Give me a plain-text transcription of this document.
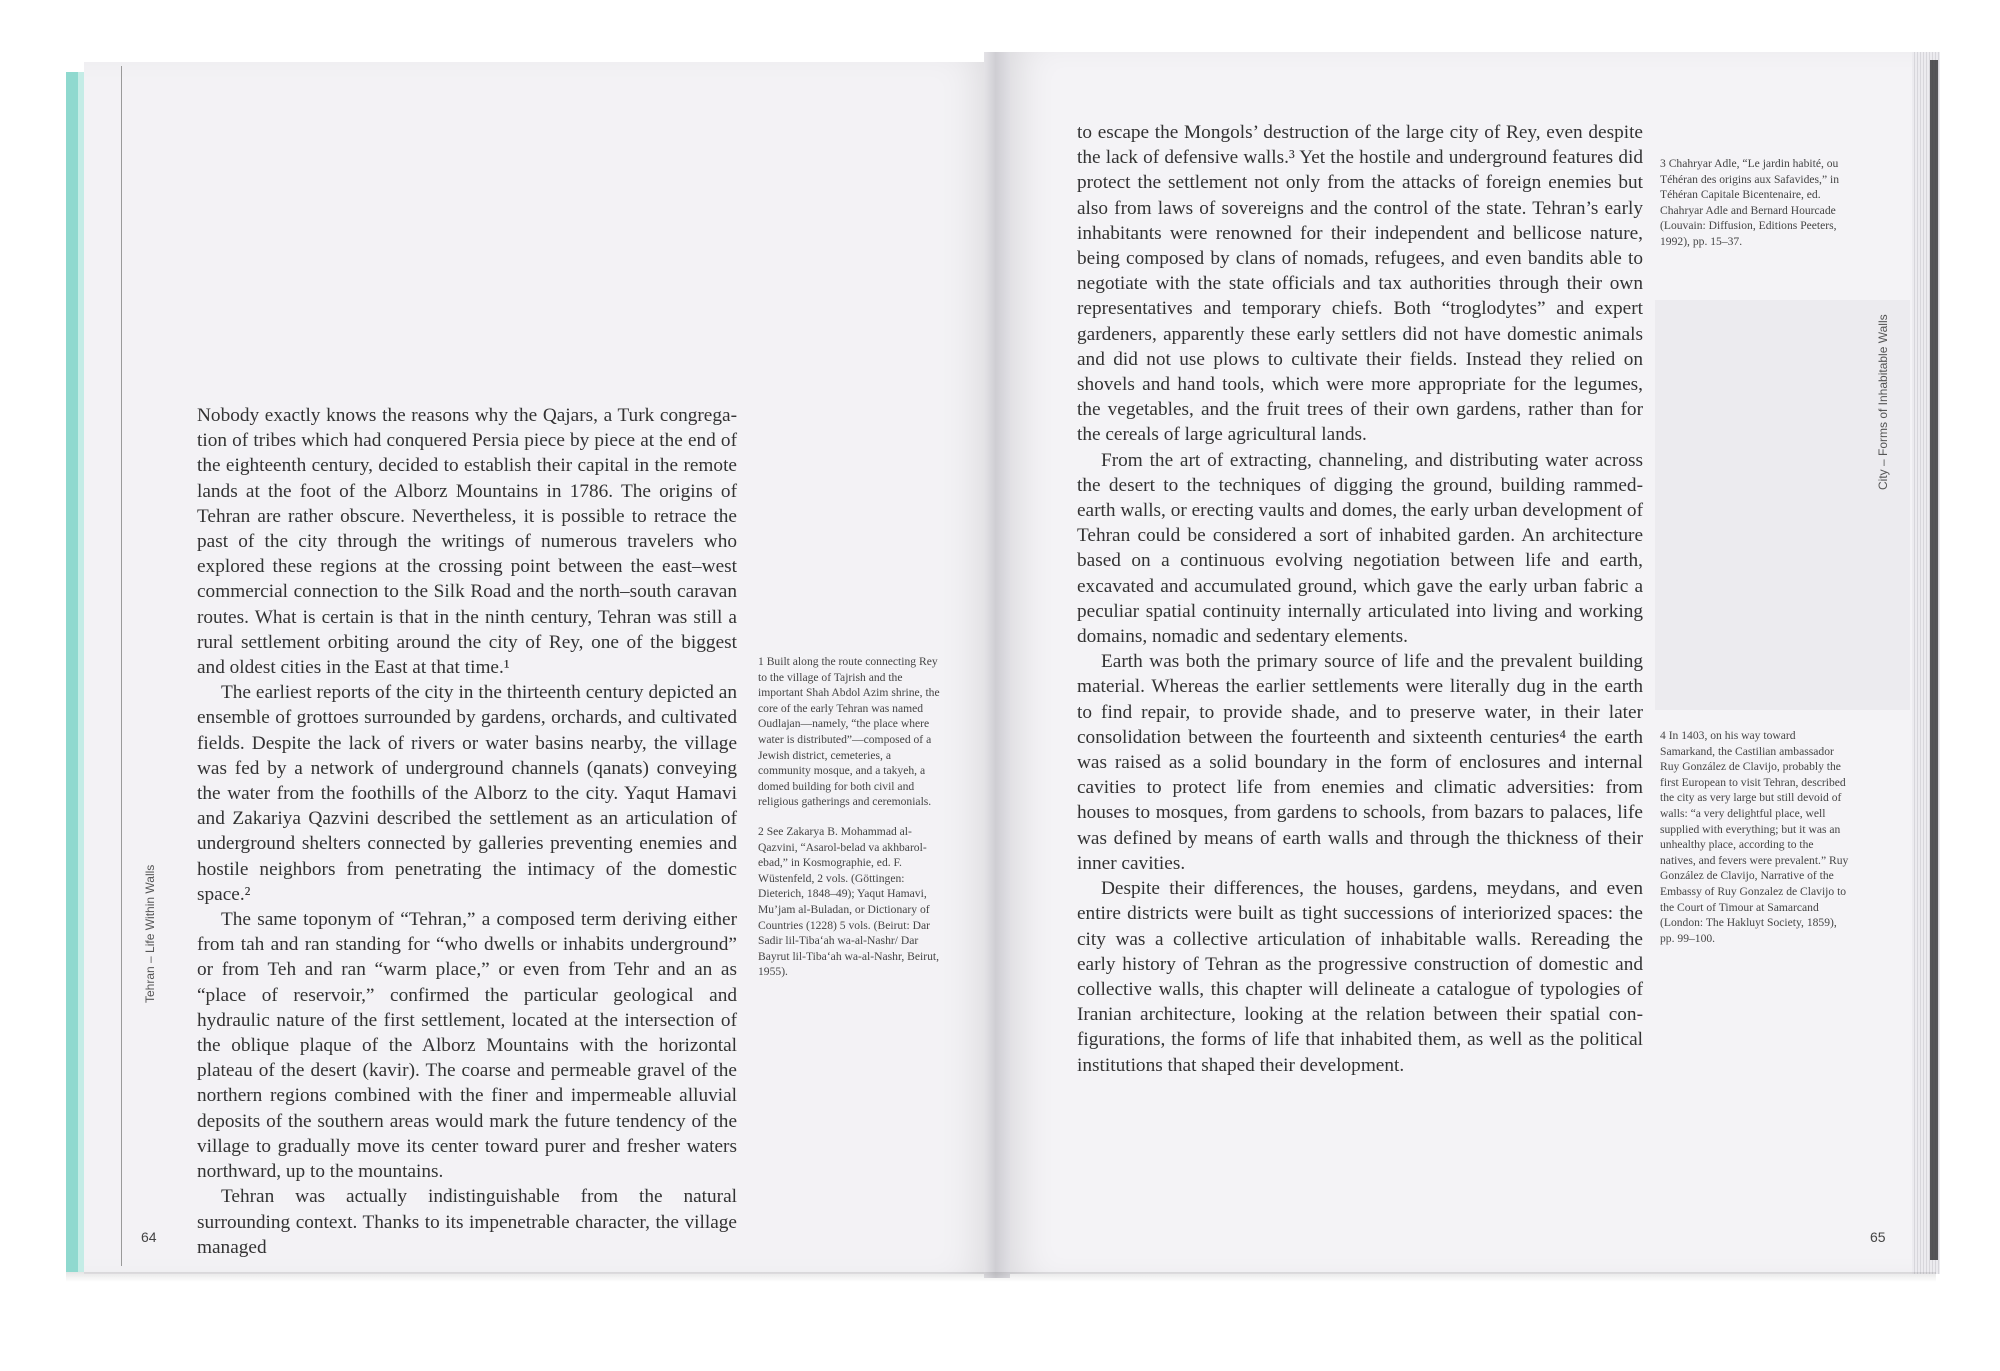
Tehran – Life Within Walls
64

Nobody exactly knows the reasons why the Qajars, a Turk congregation of tribes which had conquered Persia piece by piece at the end of the eighteenth century, decided to establish their capital in the remote lands at the foot of the Alborz Mountains in 1786. The origins of Tehran are rather obscure. Nevertheless, it is possible to retrace the past of the city through the writings of numerous travelers who explored these regions at the crossing point between the east–west commercial connection to the Silk Road and the north–south caravan routes. What is certain is that in the ninth century, Tehran was still a rural settlement orbiting around the city of Rey, one of the biggest and oldest cities in the East at that time.¹

The earliest reports of the city in the thirteenth century depicted an ensemble of grottoes surrounded by gardens, orchards, and cultivated fields. Despite the lack of rivers or water basins nearby, the village was fed by a network of underground channels (qanats) conveying the water from the foothills of the Alborz to the city. Yaqut Hamavi and Zakariya Qazvini described the settlement as an articulation of underground shelters connected by galleries preventing enemies and hostile neighbors from penetrating the intimacy of the domestic space.²

The same toponym of “Tehran,” a composed term deriving either from tah and ran standing for “who dwells or inhabits underground” or from Teh and ran “warm place,” or even from Tehr and an as “place of reservoir,” confirmed the particular geological and hydraulic nature of the first settlement, located at the intersection of the oblique plaque of the Alborz Mountains with the horizontal plateau of the desert (kavir). The coarse and permeable gravel of the northern regions combined with the finer and impermeable alluvial deposits of the southern areas would mark the future tendency of the village to gradually move its center toward purer and fresher waters northward, up to the mountains.

Tehran was actually indistinguishable from the natural surrounding context. Thanks to its impenetrable character, the village managed

1 Built along the route connecting Rey to the village of Tajrish and the important Shah Abdol Azim shrine, the core of the early Tehran was named Oudlajan—namely, “the place where water is distributed”—composed of a Jewish district, cemeteries, a community mosque, and a takyeh, a domed building for both civil and religious gatherings and ceremonials.

2 See Zakarya B. Mohammad al-Qazvini, “Asarol-belad va akhbarol-ebad,” in Kosmographie, ed. F. Wüstenfeld, 2 vols. (Göttingen: Dieterich, 1848–49); Yaqut Hamavi, Mu’jam al-Buladan, or Dictionary of Countries (1228) 5 vols. (Beirut: Dar Sadir lil-Tiba‘ah wa-al-Nashr/ Dar Bayrut lil-Tiba‘ah wa-al-Nashr, Beirut, 1955).

to escape the Mongols’ destruction of the large city of Rey, even despite the lack of defensive walls.³ Yet the hostile and underground features did protect the settlement not only from the attacks of foreign enemies but also from laws of sovereigns and the control of the state. Tehran’s early inhabitants were renowned for their independent and bellicose nature, being composed by clans of nomads, refugees, and even bandits able to negotiate with the state officials and tax authorities through their own representatives and temporary chiefs. Both “troglodytes” and expert gardeners, apparently these early settlers did not have domestic animals and did not use plows to cultivate their fields. Instead they relied on shovels and hand tools, which were more appropriate for the legumes, the vegetables, and the fruit trees of their own gardens, rather than for the cereals of large agricultural lands.

From the art of extracting, channeling, and distributing water across the desert to the techniques of digging the ground, building rammed-earth walls, or erecting vaults and domes, the early urban development of Tehran could be considered a sort of inhabited garden. An architecture based on a continuous evolving negotiation between life and earth, excavated and accumulated ground, which gave the early urban fabric a peculiar spatial continuity internally articulated into living and working domains, nomadic and sedentary elements.

Earth was both the primary source of life and the prevalent building material. Whereas the earlier settlements were literally dug in the earth to find repair, to provide shade, and to preserve water, in their later consolidation between the fourteenth and sixteenth centuries⁴ the earth was raised as a solid boundary in the form of enclosures and internal cavities to protect life from enemies and climatic adversities: from houses to mosques, from gardens to schools, from bazars to palaces, life was defined by means of earth walls and through the thickness of their inner cavities.

Despite their differences, the houses, gardens, meydans, and even entire districts were built as tight successions of interiorized spaces: the city was a collective articulation of inhabitable walls. Rereading the early history of Tehran as the progressive construction of domestic and collective walls, this chapter will delineate a catalogue of typologies of Iranian architecture, looking at the relation between their spatial configurations, the forms of life that inhabited them, as well as the political institutions that shaped their development.

3 Chahryar Adle, “Le jardin habité, ou Téhéran des origins aux Safavides,” in Téhéran Capitale Bicentenaire, ed. Chahryar Adle and Bernard Hourcade (Louvain: Diffusion, Editions Peeters, 1992), pp. 15–37.

4 In 1403, on his way toward Samarkand, the Castilian ambassador Ruy González de Clavijo, probably the first European to visit Tehran, described the city as very large but still devoid of walls: “a very delightful place, well supplied with everything; but it was an unhealthy place, according to the natives, and fevers were prevalent.” Ruy González de Clavijo, Narrative of the Embassy of Ruy Gonzalez de Clavijo to the Court of Timour at Samarcand (London: The Hakluyt Society, 1859), pp. 99–100.

City – Forms of Inhabitable Walls
65
